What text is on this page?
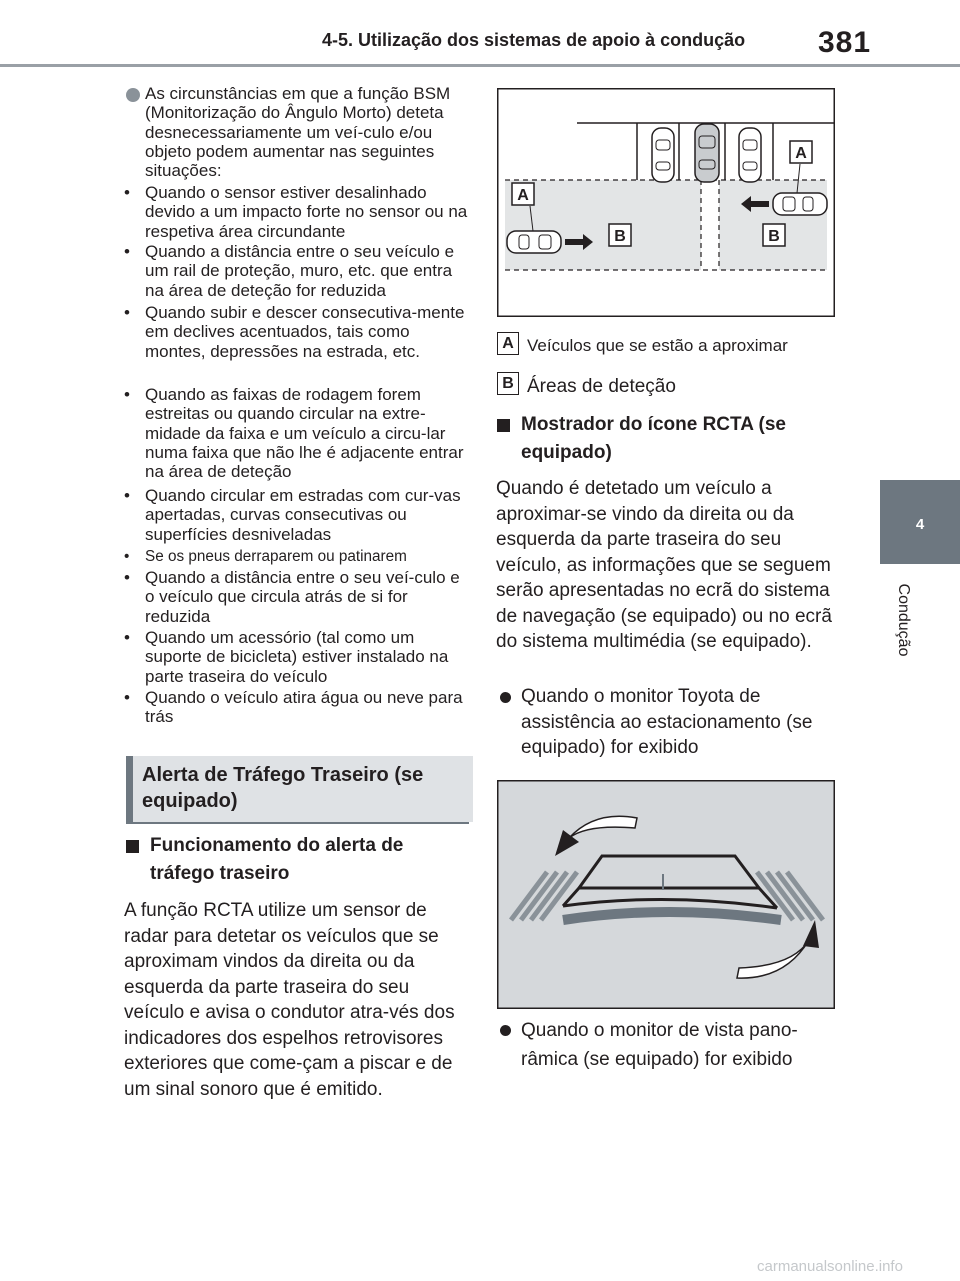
4-5. Utilização dos sistemas de apoio à condução 381
4
Condução
As circunstâncias em que a função BSM (Monitorização do Ângulo Morto) deteta desnecessariamente um veí-culo e/ou objeto podem aumentar nas seguintes situações:
• Quando o sensor estiver desalinhado devido a um impacto forte no sensor ou na respetiva área circundante
• Quando a distância entre o seu veículo e um rail de proteção, muro, etc. que entra na área de deteção for reduzida
• Quando subir e descer consecutiva-mente em declives acentuados, tais como montes, depressões na estrada, etc.
• Quando as faixas de rodagem forem estreitas ou quando circular na extre-midade da faixa e um veículo a circu-lar numa faixa que não lhe é adjacente entrar na área de deteção
• Quando circular em estradas com cur-vas apertadas, curvas consecutivas ou superfícies desniveladas
•	Se os pneus derraparem ou patinarem
• Quando a distância entre o seu veí-culo e o veículo que circula atrás de si for reduzida
• Quando um acessório (tal como um suporte de bicicleta) estiver instalado na parte traseira do veículo
• Quando o veículo atira água ou neve para trás
Alerta de Tráfego Traseiro (se equipado)
Funcionamento do alerta de tráfego traseiro
A função RCTA utilize um sensor de radar para detetar os veículos que se aproximam vindos da direita ou da esquerda da parte traseira do seu veículo e avisa o condutor atra-vés dos indicadores dos espelhos retrovisores exteriores que come-çam a piscar e de um sinal sonoro que é emitido.
A
A
B	B
A Veículos que se estão a aproximar
B Áreas de deteção
Mostrador do ícone RCTA (se equipado)
Quando é detetado um veículo a aproximar-se vindo da direita ou da esquerda da parte traseira do seu veículo, as informações que se seguem serão apresentadas no ecrã do sistema de navegação (se equipado) ou no ecrã do sistema multimédia (se equipado).
Quando o monitor Toyota de assistência ao estacionamento (se equipado) for exibido
Quando o monitor de vista pano-râmica (se equipado) for exibido
carmanualsonline.info
